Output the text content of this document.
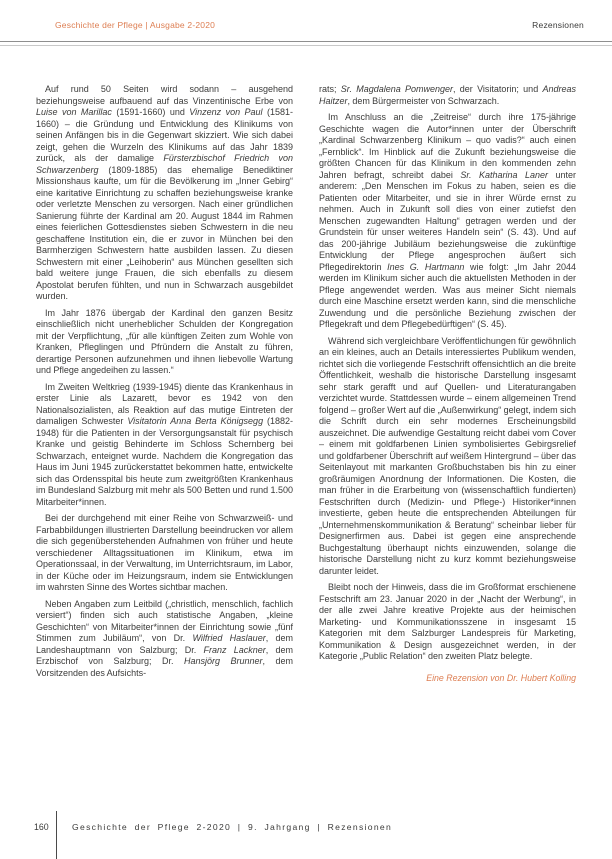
Geschichte der Pflege | Ausgabe 2-2020	Rezensionen

Auf rund 50 Seiten wird sodann – ausgehend beziehungsweise aufbauend auf das Vinzentinische Erbe von Luise von Marillac (1591-1660) und Vinzenz von Paul (1581-1660) – die Gründung und Entwicklung des Klinikums von seinen Anfängen bis in die Gegenwart skizziert. Wie sich dabei zeigt, gehen die Wurzeln des Klinikums auf das Jahr 1839 zurück, als der damalige Fürsterzbischof Friedrich von Schwarzenberg (1809-1885) das ehemalige Benediktiner Missionshaus kaufte, um für die Bevölkerung im „Inner Gebirg“ eine karitative Einrichtung zu schaffen beziehungsweise kranke oder verletzte Menschen zu versorgen. Nach einer gründlichen Sanierung führte der Kardinal am 20. August 1844 im Rahmen eines feierlichen Gottesdienstes sieben Schwestern in die neu geschaffene Institution ein, die er zuvor in München bei den Barmherzigen Schwestern hatte ausbilden lassen. Zu diesen Schwestern mit einer „Leihoberin“ aus München gesellten sich bald weitere junge Frauen, die sich ebenfalls zu diesem Apostolat berufen fühlten, und nun in Schwarzach ausgebildet wurden.

Im Jahr 1876 übergab der Kardinal den ganzen Besitz einschließlich nicht unerheblicher Schulden der Kongregation mit der Verpflichtung, „für alle künftigen Zeiten zum Wohle von Kranken, Pfleglingen und Pfründern die Anstalt zu führen, derartige Personen aufzunehmen und ihnen liebevolle Wartung und Pflege angedeihen zu lassen.“

Im Zweiten Weltkrieg (1939-1945) diente das Krankenhaus in erster Linie als Lazarett, bevor es 1942 von den Nationalsozialisten, als Reaktion auf das mutige Eintreten der damaligen Schwester Visitatorin Anna Berta Königsegg (1882-1948) für die Patienten in der Versorgungsanstalt für psychisch Kranke und geistig Behinderte im Schloss Schernberg bei Schwarzach, enteignet wurde. Nachdem die Kongregation das Haus im Juni 1945 zurückerstattet bekommen hatte, entwickelte sich das Ordensspital bis heute zum zweitgrößten Krankenhaus im Bundesland Salzburg mit mehr als 500 Betten und rund 1.500 Mitarbeiter*innen.

Bei der durchgehend mit einer Reihe von Schwarzweiß- und Farbabbildungen illustrierten Darstellung beeindrucken vor allem die sich gegenüberstehenden Aufnahmen von früher und heute verschiedener Alltagssituationen im Klinikum, etwa im Operationssaal, in der Verwaltung, im Unterrichtsraum, im Labor, in der Küche oder im Heizungsraum, indem sie Entwicklungen im wahrsten Sinne des Wortes sichtbar machen.

Neben Angaben zum Leitbild („christlich, menschlich, fachlich versiert“) finden sich auch statistische Angaben, „kleine Geschichten“ von Mitarbeiter*innen der Einrichtung sowie „fünf Stimmen zum Jubiläum“, von Dr. Wilfried Haslauer, dem Landeshauptmann von Salzburg; Dr. Franz Lackner, dem Erzbischof von Salzburg; Dr. Hansjörg Brunner, dem Vorsitzenden des Aufsichts-

rats; Sr. Magdalena Pomwenger, der Visitatorin; und Andreas Haitzer, dem Bürgermeister von Schwarzach.

Im Anschluss an die „Zeitreise“ durch ihre 175-jährige Geschichte wagen die Autor*innen unter der Überschrift „Kardinal Schwarzenberg Klinikum – quo vadis?“ auch einen „Fernblick“. Im Hinblick auf die Zukunft beziehungsweise die größten Chancen für das Klinikum in den kommenden zehn Jahren befragt, schreibt dabei Sr. Katharina Laner unter anderem: „Den Menschen im Fokus zu haben, seien es die Patienten oder Mitarbeiter, und sie in ihrer Würde ernst zu nehmen. Auch in Zukunft soll dies von einer zutiefst den Menschen zugewandten Haltung“ getragen werden und der Grundstein für unser weiteres Handeln sein“ (S. 43). Und auf das 200-jährige Jubiläum beziehungsweise die zukünftige Entwicklung der Pflege angesprochen äußert sich Pflegedirektorin Ines G. Hartmann wie folgt: „Im Jahr 2044 werden im Klinikum sicher auch die aktuellsten Methoden in der Pflege angewendet werden. Was aus meiner Sicht niemals durch eine Maschine ersetzt werden kann, sind die menschliche Zuwendung und die persönliche Beziehung zwischen der Pflegekraft und dem Pflegebedürftigen“ (S. 45).

Während sich vergleichbare Veröffentlichungen für gewöhnlich an ein kleines, auch an Details interessiertes Publikum wenden, richtet sich die vorliegende Festschrift offensichtlich an die breite Öffentlichkeit, weshalb die historische Darstellung insgesamt sehr stark gerafft und auf Quellen- und Literaturangaben verzichtet wurde. Stattdessen wurde – einem allgemeinen Trend folgend – großer Wert auf die „Außenwirkung“ gelegt, indem sich die Schrift durch ein sehr modernes Erscheinungsbild auszeichnet. Die aufwendige Gestaltung reicht dabei vom Cover – einem mit goldfarbenen Linien symbolisiertes Gebirgsrelief und goldfarbener Überschrift auf weißem Hintergrund – über das Seitenlayout mit markanten Großbuchstaben bis hin zu einer großräumigen Anordnung der Informationen. Die Kosten, die man früher in die Erarbeitung von (wissenschaftlich fundierten) Festschriften durch (Medizin- und Pflege-) Historiker*innen investierte, geben heute die entsprechenden Abteilungen für „Unternehmenskommunikation & Beratung“ scheinbar lieber für Designerfirmen aus. Dabei ist gegen eine ansprechende Buchgestaltung überhaupt nichts einzuwenden, solange die historische Darstellung nicht zu kurz kommt beziehungsweise darunter leidet.

Bleibt noch der Hinweis, dass die im Großformat erschienene Festschrift am 23. Januar 2020 in der „Nacht der Werbung“, in der alle zwei Jahre kreative Projekte aus der heimischen Marketing- und Kommunikationsszene in insgesamt 15 Kategorien mit dem Salzburger Landespreis für Marketing, Kommunikation & Design ausgezeichnet werden, in der Kategorie „Public Relation“ den zweiten Platz belegte.

Eine Rezension von Dr. Hubert Kolling
160	Geschichte der Pflege 2-2020 | 9. Jahrgang | Rezensionen
